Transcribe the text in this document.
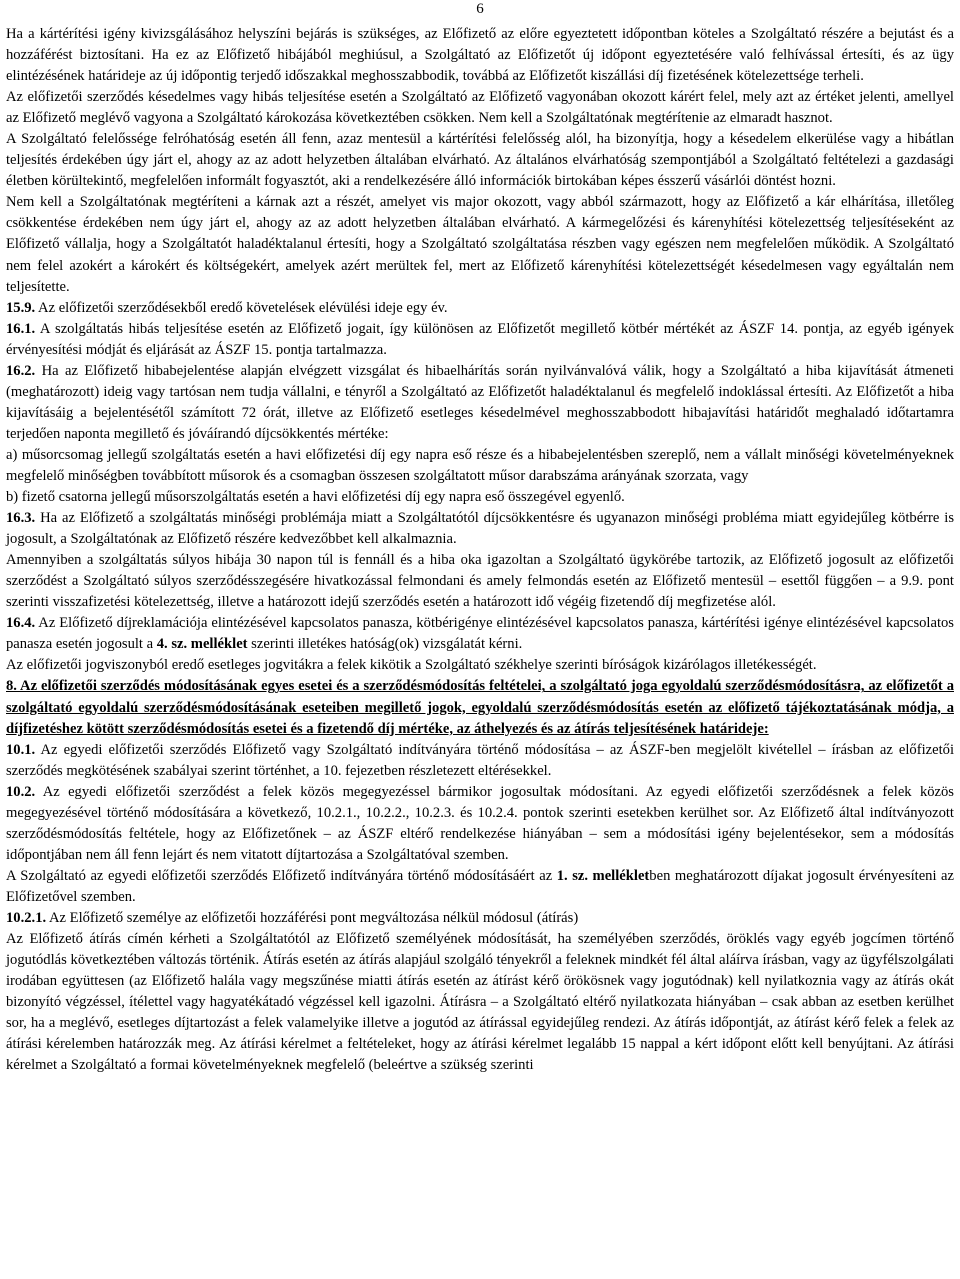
6

Ha a kártérítési igény kivizsgálásához helyszíni bejárás is szükséges, az Előfizető az előre egyeztetett időpontban köteles a Szolgáltató részére a bejutást és a hozzáférést biztosítani. Ha ez az Előfizető hibájából meghiúsul, a Szolgáltató az Előfizetőt új időpont egyeztetésére való felhívással értesíti, és az ügy elintézésének határideje az új időpontig terjedő időszakkal meghosszabbodik, továbbá az Előfizetőt kiszállási díj fizetésének kötelezettsége terheli.

Az előfizetői szerződés késedelmes vagy hibás teljesítése esetén a Szolgáltató az Előfizető vagyonában okozott kárért felel, mely azt az értéket jelenti, amellyel az Előfizető meglévő vagyona a Szolgáltató károkozása következtében csökken. Nem kell a Szolgáltatónak megtérítenie az elmaradt hasznot.

A Szolgáltató felelőssége felróhatóság esetén áll fenn, azaz mentesül a kártérítési felelősség alól, ha bizonyítja, hogy a késedelem elkerülése vagy a hibátlan teljesítés érdekében úgy járt el, ahogy az az adott helyzetben általában elvárható. Az általános elvárhatóság szempontjából a Szolgáltató feltételezi a gazdasági életben körültekintő, megfelelően informált fogyasztót, aki a rendelkezésére álló információk birtokában képes ésszerű vásárlói döntést hozni.

Nem kell a Szolgáltatónak megtéríteni a kárnak azt a részét, amelyet vis major okozott, vagy abból származott, hogy az Előfizető a kár elhárítása, illetőleg csökkentése érdekében nem úgy járt el, ahogy az az adott helyzetben általában elvárható. A kármegelőzési és kárenyhítési kötelezettség teljesítéseként az Előfizető vállalja, hogy a Szolgáltatót haladéktalanul értesíti, hogy a Szolgáltató szolgáltatása részben vagy egészen nem megfelelően működik. A Szolgáltató nem felel azokért a károkért és költségekért, amelyek azért merültek fel, mert az Előfizető kárenyhítési kötelezettségét késedelmesen vagy egyáltalán nem teljesítette.

15.9. Az előfizetői szerződésekből eredő követelések elévülési ideje egy év.

16.1. A szolgáltatás hibás teljesítése esetén az Előfizető jogait, így különösen az Előfizetőt megillető kötbér mértékét az ÁSZF 14. pontja, az egyéb igények érvényesítési módját és eljárását az ÁSZF 15. pontja tartalmazza.

16.2. Ha az Előfizető hibabejelentése alapján elvégzett vizsgálat és hibaelhárítás során nyilvánvalóvá válik, hogy a Szolgáltató a hiba kijavítását átmeneti (meghatározott) ideig vagy tartósan nem tudja vállalni, e tényről a Szolgáltató az Előfizetőt haladéktalanul és megfelelő indoklással értesíti. Az Előfizetőt a hiba kijavításáig a bejelentésétől számított 72 órát, illetve az Előfizető esetleges késedelmével meghosszabbodott hibajavítási határidőt meghaladó időtartamra terjedően naponta megillető és jóváírandó díjcsökkentés mértéke:

a) műsorcsomag jellegű szolgáltatás esetén a havi előfizetési díj egy napra eső része és a hibabejelentésben szereplő, nem a vállalt minőségi követelményeknek megfelelő minőségben továbbított műsorok és a csomagban összesen szolgáltatott műsor darabszáma arányának szorzata, vagy

b) fizető csatorna jellegű műsorszolgáltatás esetén a havi előfizetési díj egy napra eső összegével egyenlő.

16.3. Ha az Előfizető a szolgáltatás minőségi problémája miatt a Szolgáltatótól díjcsökkentésre és ugyanazon minőségi probléma miatt egyidejűleg kötbérre is jogosult, a Szolgáltatónak az Előfizető részére kedvezőbbet kell alkalmaznia.

Amennyiben a szolgáltatás súlyos hibája 30 napon túl is fennáll és a hiba oka igazoltan a Szolgáltató ügykörébe tartozik, az Előfizető jogosult az előfizetői szerződést a Szolgáltató súlyos szerződésszegésére hivatkozással felmondani és amely felmondás esetén az Előfizető mentesül – esettől függően – a 9.9. pont szerinti visszafizetési kötelezettség, illetve a határozott idejű szerződés esetén a határozott idő végéig fizetendő díj megfizetése alól.

16.4. Az Előfizető díjreklamációja elintézésével kapcsolatos panasza, kötbérigénye elintézésével kapcsolatos panasza, kártérítési igénye elintézésével kapcsolatos panasza esetén jogosult a 4. sz. melléklet szerinti illetékes hatóság(ok) vizsgálatát kérni.

Az előfizetői jogviszonyból eredő esetleges jogvitákra a felek kikötik a Szolgáltató székhelye szerinti bíróságok kizárólagos illetékességét.

8. Az előfizetői szerződés módosításának egyes esetei és a szerződésmódosítás feltételei, a szolgáltató joga egyoldalú szerződésmódosításra, az előfizetőt a szolgáltató egyoldalú szerződésmódosításának eseteiben megillető jogok, egyoldalú szerződésmódosítás esetén az előfizető tájékoztatásának módja, a díjfizetéshez kötött szerződésmódosítás esetei és a fizetendő díj mértéke, az áthelyezés és az átírás teljesítésének határideje:

10.1. Az egyedi előfizetői szerződés Előfizető vagy Szolgáltató indítványára történő módosítása – az ÁSZF-ben megjelölt kivétellel – írásban az előfizetői szerződés megkötésének szabályai szerint történhet, a 10. fejezetben részletezett eltérésekkel.

10.2. Az egyedi előfizetői szerződést a felek közös megegyezéssel bármikor jogosultak módosítani. Az egyedi előfizetői szerződésnek a felek közös megegyezésével történő módosítására a következő, 10.2.1., 10.2.2., 10.2.3. és 10.2.4. pontok szerinti esetekben kerülhet sor. Az Előfizető által indítványozott szerződésmódosítás feltétele, hogy az Előfizetőnek – az ÁSZF eltérő rendelkezése hiányában – sem a módosítási igény bejelentésekor, sem a módosítás időpontjában nem áll fenn lejárt és nem vitatott díjtartozása a Szolgáltatóval szemben.

A Szolgáltató az egyedi előfizetői szerződés Előfizető indítványára történő módosításáért az 1. sz. mellékletben meghatározott díjakat jogosult érvényesíteni az Előfizetővel szemben.

10.2.1. Az Előfizető személye az előfizetői hozzáférési pont megváltozása nélkül módosul (átírás)

Az Előfizető átírás címén kérheti a Szolgáltatótól az Előfizető személyének módosítását, ha személyében szerződés, öröklés vagy egyéb jogcímen történő jogutódlás következtében változás történik. Átírás esetén az átírás alapjául szolgáló tényekről a feleknek mindkét fél által aláírva írásban, vagy az ügyfélszolgálati irodában együttesen (az Előfizető halála vagy megszűnése miatti átírás esetén az átírást kérő örökösnek vagy jogutódnak) kell nyilatkoznia vagy az átírás okát bizonyító végzéssel, ítélettel vagy hagyatékátadó végzéssel kell igazolni. Átírásra – a Szolgáltató eltérő nyilatkozata hiányában – csak abban az esetben kerülhet sor, ha a meglévő, esetleges díjtartozást a felek valamelyike illetve a jogutód az átírással egyidejűleg rendezi. Az átírás időpontját, az átírást kérő felek a felek az átírási kérelemben határozzák meg. Az átírási kérelmet a feltételeket, hogy az átírási kérelmet legalább 15 nappal a kért időpont előtt kell benyújtani. Az átírási kérelmet a Szolgáltató a formai követelményeknek megfelelő (beleértve a szükség szerinti
